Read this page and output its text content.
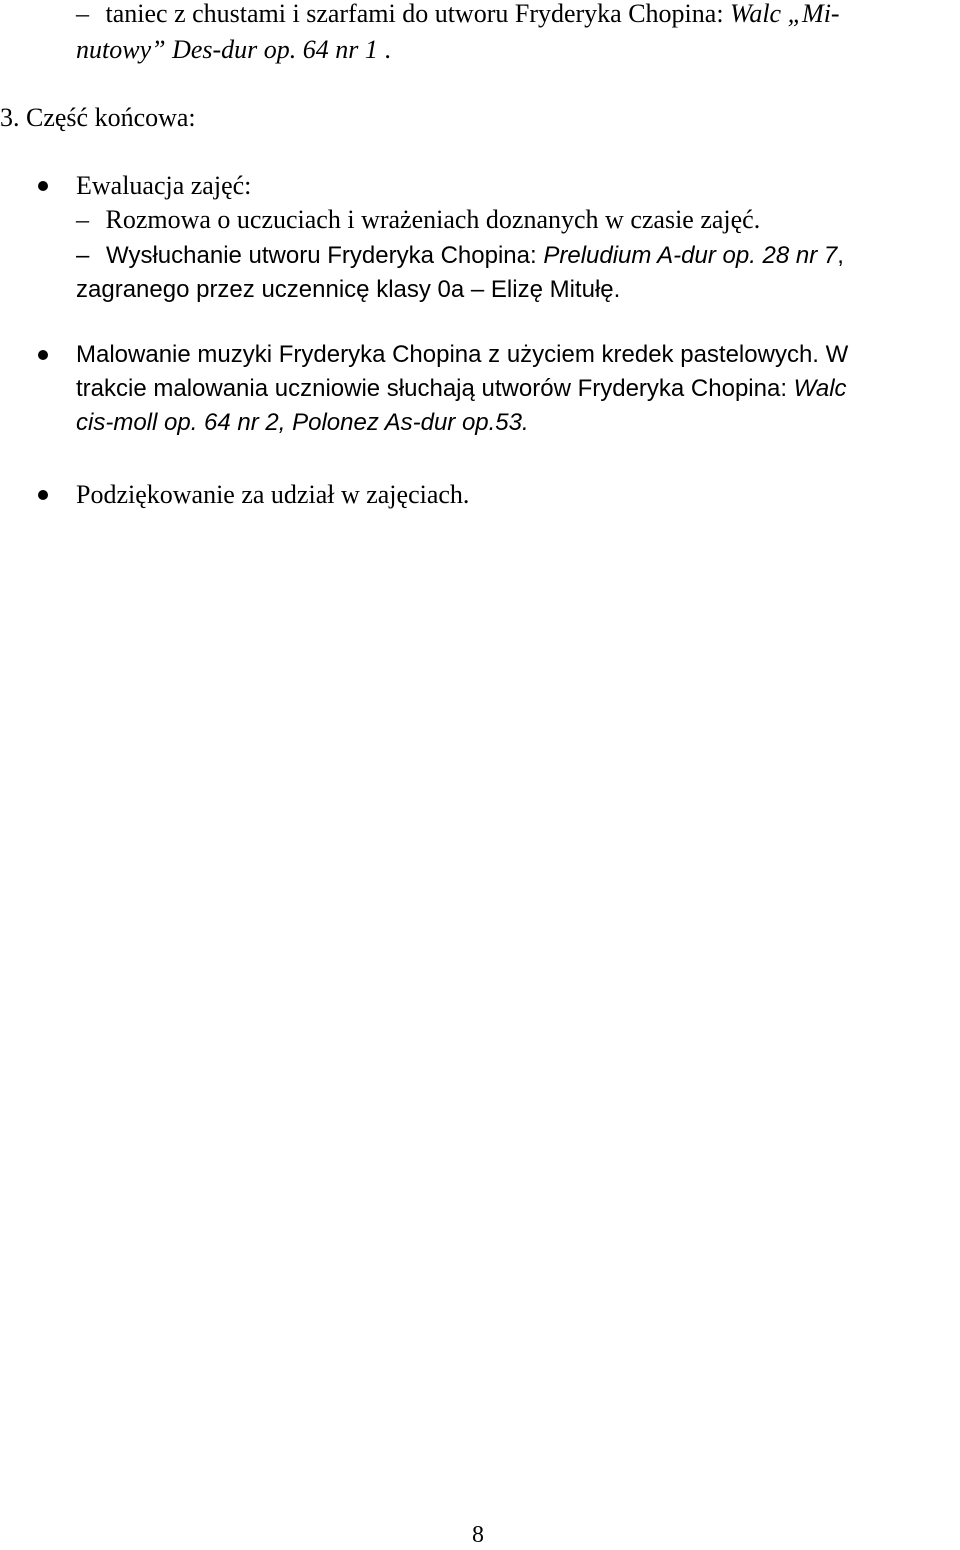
– taniec z chustami i szarfami do utworu Fryderyka Chopina: Walc „Mi-
nutowy” Des-dur op. 64 nr 1 .
3. Część końcowa:
Ewaluacja zajęć:
– Rozmowa o uczuciach i wrażeniach doznanych w czasie zajęć.
– Wysłuchanie utworu Fryderyka Chopina: Preludium A-dur op. 28 nr 7,
zagranego przez uczennicę klasy 0a – Elizę Mitułę.
Malowanie muzyki Fryderyka Chopina z użyciem kredek pastelowych. W
trakcie malowania uczniowie słuchają utworów Fryderyka Chopina: Walc
cis-moll op. 64 nr 2, Polonez As-dur op.53.
Podziękowanie za udział w zajęciach.
8
